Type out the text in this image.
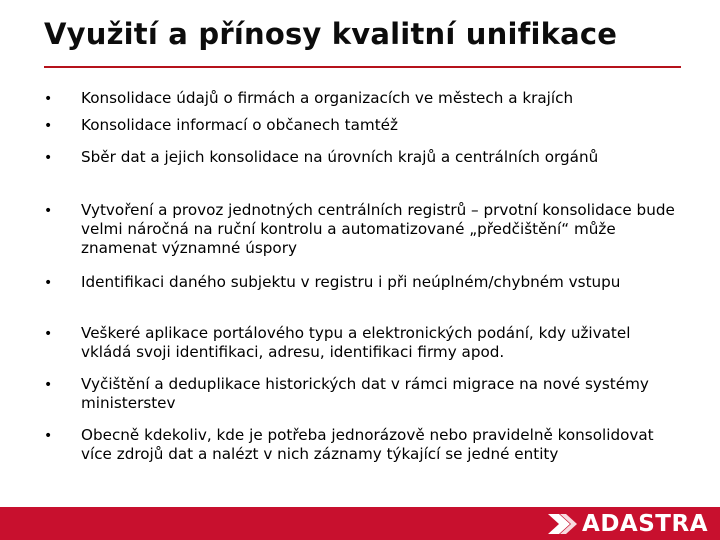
Využití a přínosy kvalitní unifikace
• Konsolidace údajů o firmách a organizacích ve městech a krajích
• Konsolidace informací o občanech tamtéž
• Sběr dat a jejich konsolidace na úrovních krajů a centrálních orgánů
• Vytvoření a provoz jednotných centrálních registrů – prvotní konsolidace bude velmi náročná na ruční kontrolu a automatizované „předčištění“ může znamenat významné úspory
• Identifikaci daného subjektu v registru i při neúplném/chybném vstupu
• Veškeré aplikace portálového typu a elektronických podání, kdy uživatel vkládá svoji identifikaci, adresu, identifikaci firmy apod.
• Vyčištění a deduplikace historických dat v rámci migrace na nové systémy ministerstev
• Obecně kdekoliv, kde je potřeba jednorázově nebo pravidelně konsolidovat více zdrojů dat a nalézt v nich záznamy týkající se jedné entity
ADASTRA
